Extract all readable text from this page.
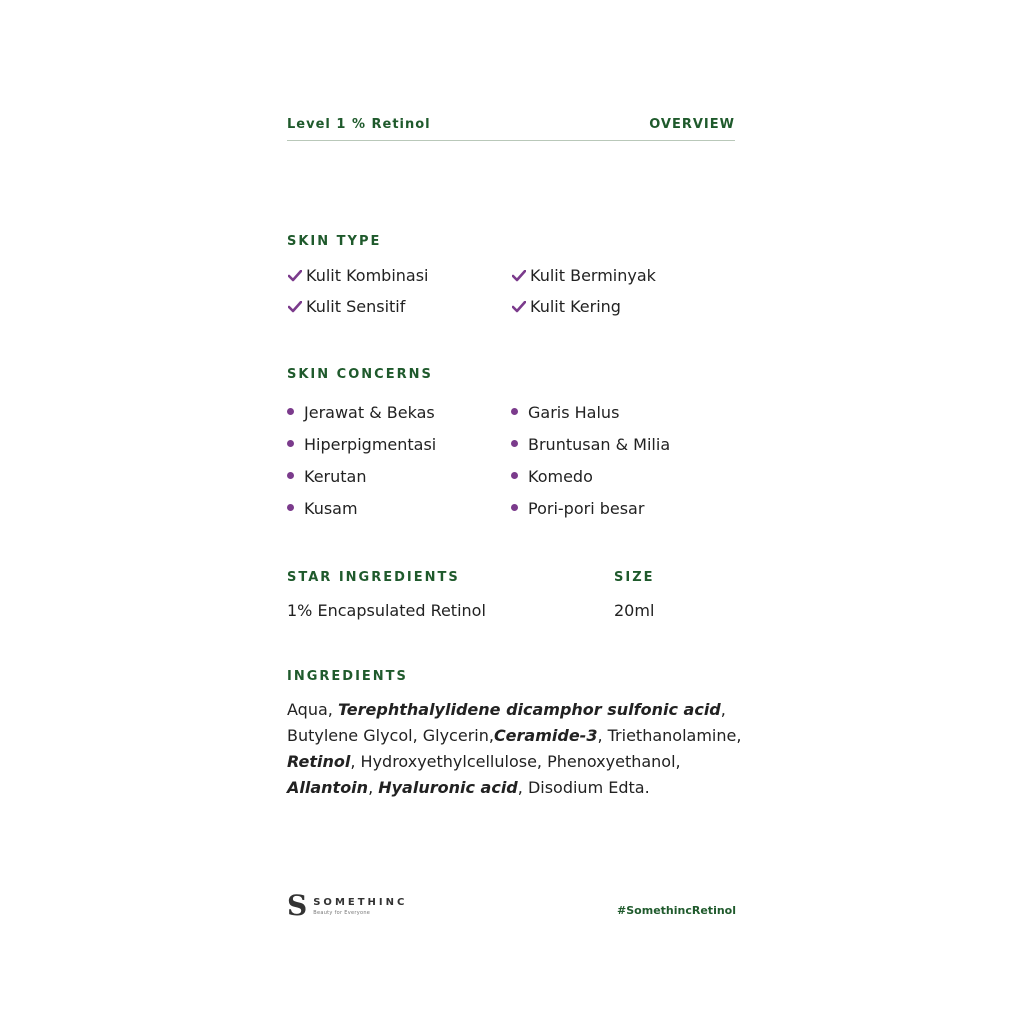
Level 1 % Retinol	OVERVIEW
SKIN TYPE
Kulit Kombinasi
Kulit Sensitif
Kulit Berminyak
Kulit Kering
SKIN CONCERNS
Jerawat & Bekas
Hiperpigmentasi
Kerutan
Kusam
Garis Halus
Bruntusan & Milia
Komedo
Pori-pori besar
STAR INGREDIENTS
1% Encapsulated Retinol
SIZE
20ml
INGREDIENTS
Aqua, Terephthalylidene dicamphor sulfonic acid, Butylene Glycol, Glycerin,Ceramide-3, Triethanolamine, Retinol, Hydroxyethylcellulose, Phenoxyethanol, Allantoin, Hyaluronic acid, Disodium Edta.
S SOMETHINC
Beauty for Everyone	#SomethincRetinol
